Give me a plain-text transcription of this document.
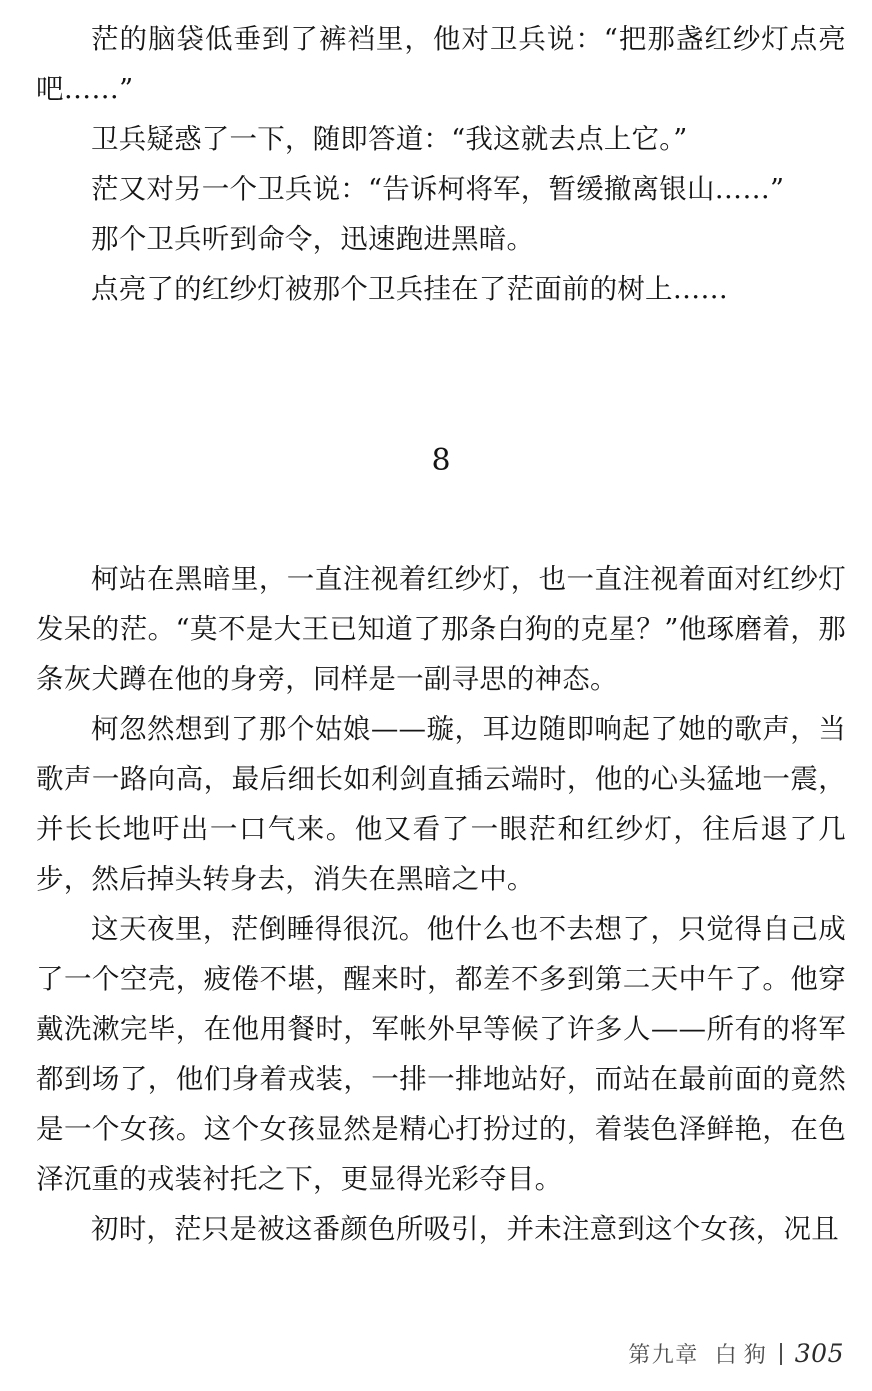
茫的脑袋低垂到了裤裆里，他对卫兵说：“把那盏红纱灯点亮吧……”

卫兵疑惑了一下，随即答道：“我这就去点上它。”

茫又对另一个卫兵说：“告诉柯将军，暂缓撤离银山……”

那个卫兵听到命令，迅速跑进黑暗。

点亮了的红纱灯被那个卫兵挂在了茫面前的树上……

8

柯站在黑暗里，一直注视着红纱灯，也一直注视着面对红纱灯发呆的茫。“莫不是大王已知道了那条白狗的克星？”他琢磨着，那条灰犬蹲在他的身旁，同样是一副寻思的神态。

柯忽然想到了那个姑娘——璇，耳边随即响起了她的歌声，当歌声一路向高，最后细长如利剑直插云端时，他的心头猛地一震，并长长地吁出一口气来。他又看了一眼茫和红纱灯，往后退了几步，然后掉头转身去，消失在黑暗之中。

这天夜里，茫倒睡得很沉。他什么也不去想了，只觉得自己成了一个空壳，疲倦不堪，醒来时，都差不多到第二天中午了。他穿戴洗漱完毕，在他用餐时，军帐外早等候了许多人——所有的将军都到场了，他们身着戎装，一排一排地站好，而站在最前面的竟然是一个女孩。这个女孩显然是精心打扮过的，着装色泽鲜艳，在色泽沉重的戎装衬托之下，更显得光彩夺目。

初时，茫只是被这番颜色所吸引，并未注意到这个女孩，况且

第九章 白狗 305
